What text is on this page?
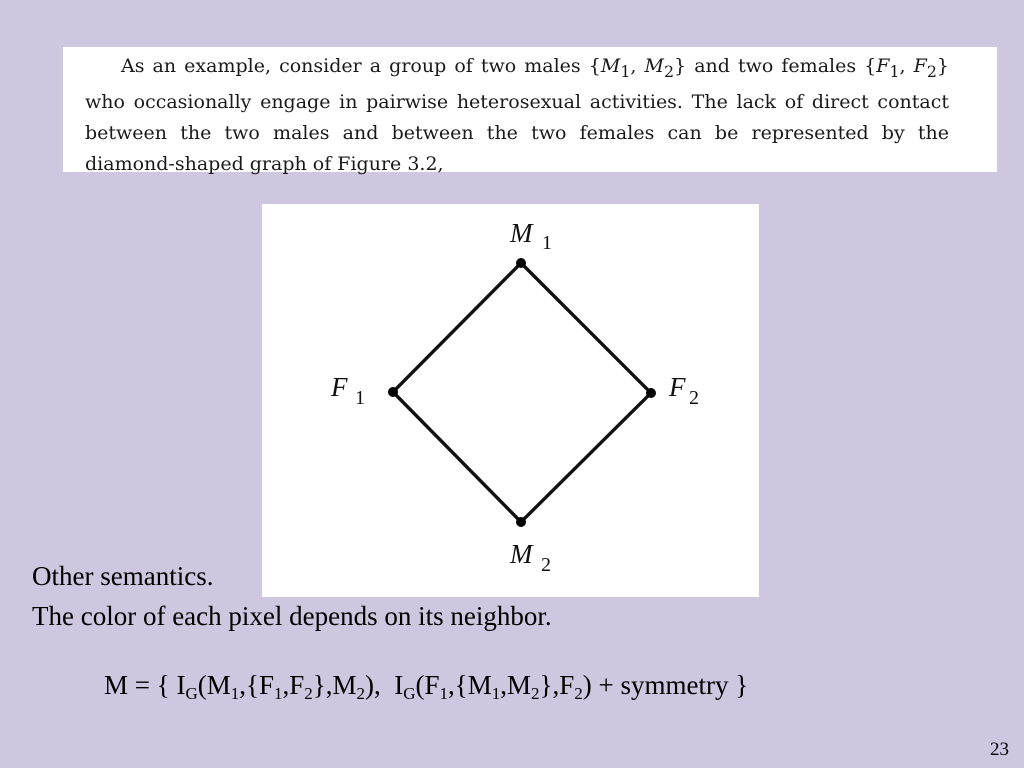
As an example, consider a group of two males {$M_1$, $M_2$} and two females {$F_1$, $F_2$} who occasionally engage in pairwise heterosexual activities. The lack of direct contact between the two males and between the two females can be represented by the diamond-shaped graph of Figure 3.2,

M 1
F 1	F 2
M 2
Other semantics.
The color of each pixel depends on its neighbor.
M = { $I_G(M_1,\{F_1,F_2\},M_2)$, $I_G(F_1,\{M_1,M_2\},F_2)$ + symmetry }
23
